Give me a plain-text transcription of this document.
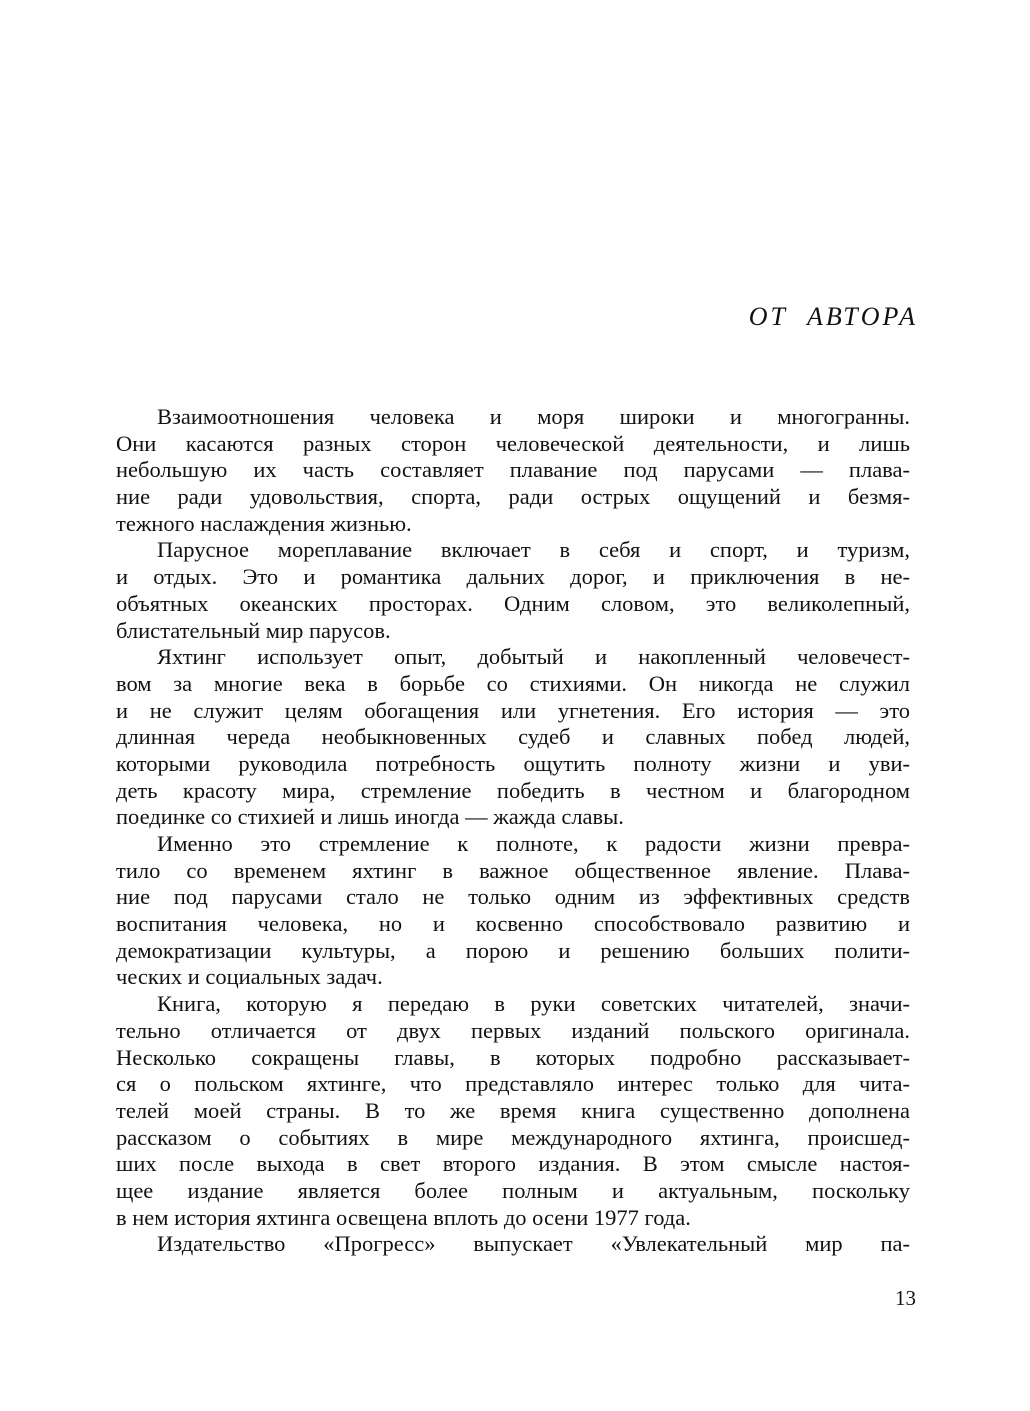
ОТ  АВТОРА
Взаимоотношения человека и моря широки и многогранны.
Они касаются разных сторон человеческой деятельности, и лишь
небольшую их часть составляет плавание под парусами — плава-
ние ради удовольствия, спорта, ради острых ощущений и безмя-
тежного наслаждения жизнью.
Парусное мореплавание включает в себя и спорт, и туризм,
и отдых. Это и романтика дальних дорог, и приключения в не-
объятных океанских просторах. Одним словом, это великолепный,
блистательный мир парусов.
Яхтинг использует опыт, добытый и накопленный человечест-
вом за многие века в борьбе со стихиями. Он никогда не служил
и не служит целям обогащения или угнетения. Его история — это
длинная череда необыкновенных судеб и славных побед людей,
которыми руководила потребность ощутить полноту жизни и уви-
деть красоту мира, стремление победить в честном и благородном
поединке со стихией и лишь иногда — жажда славы.
Именно это стремление к полноте, к радости жизни превра-
тило со временем яхтинг в важное общественное явление. Плава-
ние под парусами стало не только одним из эффективных средств
воспитания человека, но и косвенно способствовало развитию и
демократизации культуры, а порою и решению больших полити-
ческих и социальных задач.
Книга, которую я передаю в руки советских читателей, значи-
тельно отличается от двух первых изданий польского оригинала.
Несколько сокращены главы, в которых подробно рассказывает-
ся о польском яхтинге, что представляло интерес только для чита-
телей моей страны. В то же время книга существенно дополнена
рассказом о событиях в мире международного яхтинга, происшед-
ших после выхода в свет второго издания. В этом смысле настоя-
щее издание является более полным и актуальным, поскольку
в нем история яхтинга освещена вплоть до осени 1977 года.
Издательство «Прогресс» выпускает «Увлекательный мир па-
13
